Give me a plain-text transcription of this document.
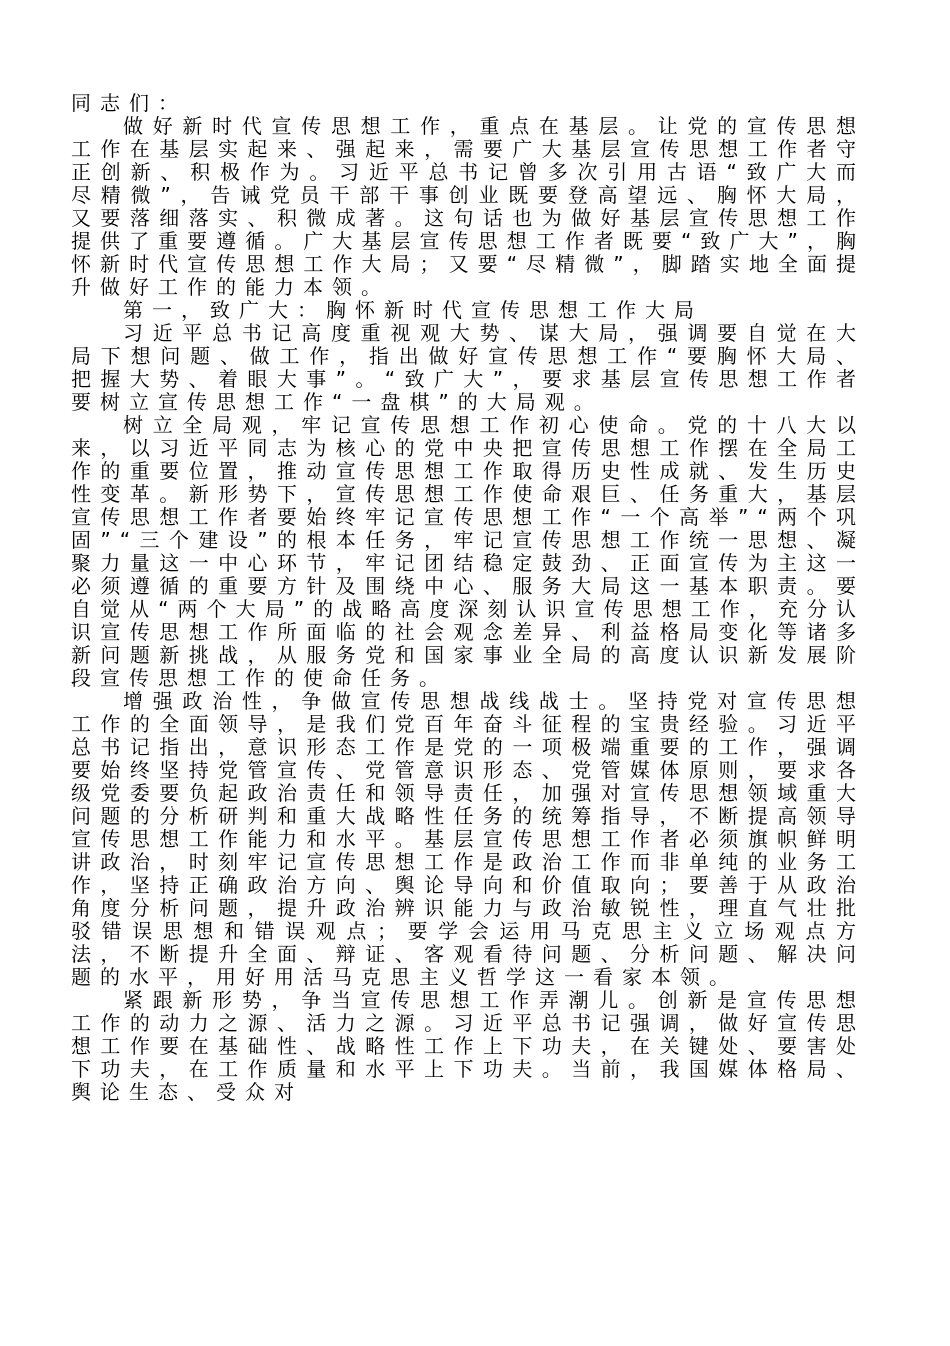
同志们：

做好新时代宣传思想工作，重点在基层。让党的宣传思想工作在基层实起来、强起来，需要广大基层宣传思想工作者守正创新、积极作为。习近平总书记曾多次引用古语“致广大而尽精微”，告诫党员干部干事创业既要登高望远、胸怀大局，又要落细落实、积微成著。这句话也为做好基层宣传思想工作提供了重要遵循。广大基层宣传思想工作者既要“致广大”，胸怀新时代宣传思想工作大局；又要“尽精微”，脚踏实地全面提升做好工作的能力本领。

第一，致广大：胸怀新时代宣传思想工作大局

习近平总书记高度重视观大势、谋大局，强调要自觉在大局下想问题、做工作，指出做好宣传思想工作“要胸怀大局、把握大势、着眼大事”。“致广大”，要求基层宣传思想工作者要树立宣传思想工作“一盘棋”的大局观。

树立全局观，牢记宣传思想工作初心使命。党的十八大以来，以习近平同志为核心的党中央把宣传思想工作摆在全局工作的重要位置，推动宣传思想工作取得历史性成就、发生历史性变革。新形势下，宣传思想工作使命艰巨、任务重大，基层宣传思想工作者要始终牢记宣传思想工作“一个高举”“两个巩固”“三个建设”的根本任务，牢记宣传思想工作统一思想、凝聚力量这一中心环节，牢记团结稳定鼓劲、正面宣传为主这一必须遵循的重要方针及围绕中心、服务大局这一基本职责。要自觉从“两个大局”的战略高度深刻认识宣传思想工作，充分认识宣传思想工作所面临的社会观念差异、利益格局变化等诸多新问题新挑战，从服务党和国家事业全局的高度认识新发展阶段宣传思想工作的使命任务。

增强政治性，争做宣传思想战线战士。坚持党对宣传思想工作的全面领导，是我们党百年奋斗征程的宝贵经验。习近平总书记指出，意识形态工作是党的一项极端重要的工作，强调要始终坚持党管宣传、党管意识形态、党管媒体原则，要求各级党委要负起政治责任和领导责任，加强对宣传思想领域重大问题的分析研判和重大战略性任务的统筹指导，不断提高领导宣传思想工作能力和水平。基层宣传思想工作者必须旗帜鲜明讲政治，时刻牢记宣传思想工作是政治工作而非单纯的业务工作，坚持正确政治方向、舆论导向和价值取向；要善于从政治角度分析问题，提升政治辨识能力与政治敏锐性，理直气壮批驳错误思想和错误观点；要学会运用马克思主义立场观点方法，不断提升全面、辩证、客观看待问题、分析问题、解决问题的水平，用好用活马克思主义哲学这一看家本领。

紧跟新形势，争当宣传思想工作弄潮儿。创新是宣传思想工作的动力之源、活力之源。习近平总书记强调，做好宣传思想工作要在基础性、战略性工作上下功夫，在关键处、要害处下功夫，在工作质量和水平上下功夫。当前，我国媒体格局、舆论生态、受众对
